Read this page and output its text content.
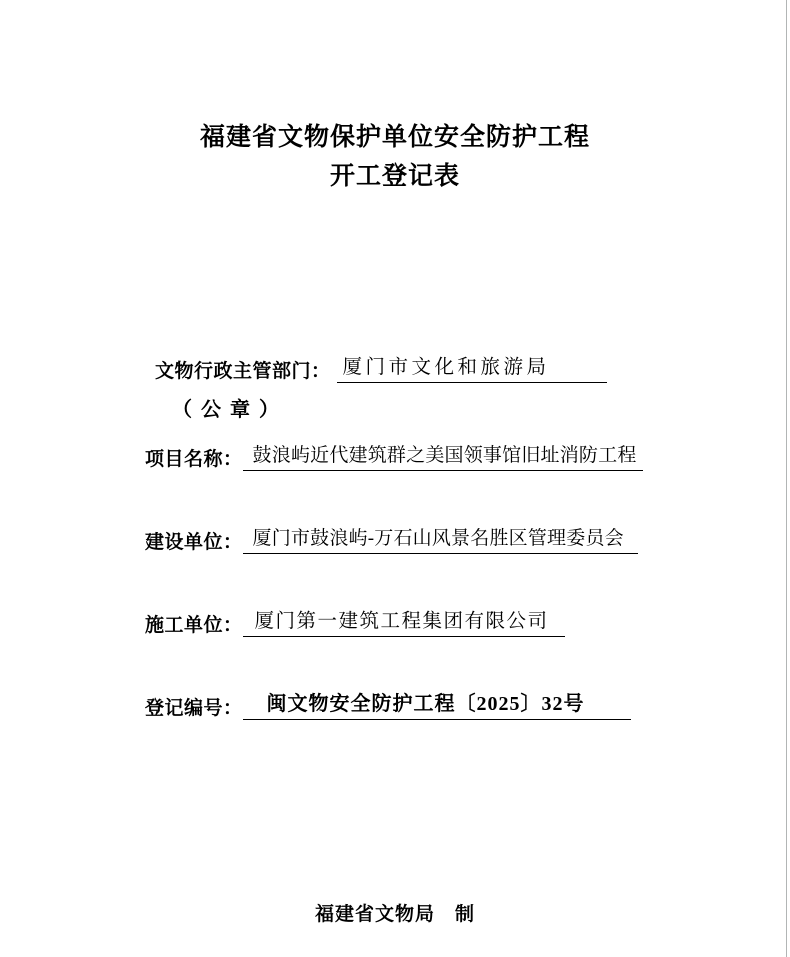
福建省文物保护单位安全防护工程
开工登记表
文物行政主管部门： 厦门市文化和旅游局
（ 公 章 ）
项目名称： 鼓浪屿近代建筑群之美国领事馆旧址消防工程
建设单位： 厦门市鼓浪屿-万石山风景名胜区管理委员会
施工单位： 厦门第一建筑工程集团有限公司
登记编号： 闽文物安全防护工程〔2025〕32号
福建省文物局　制
